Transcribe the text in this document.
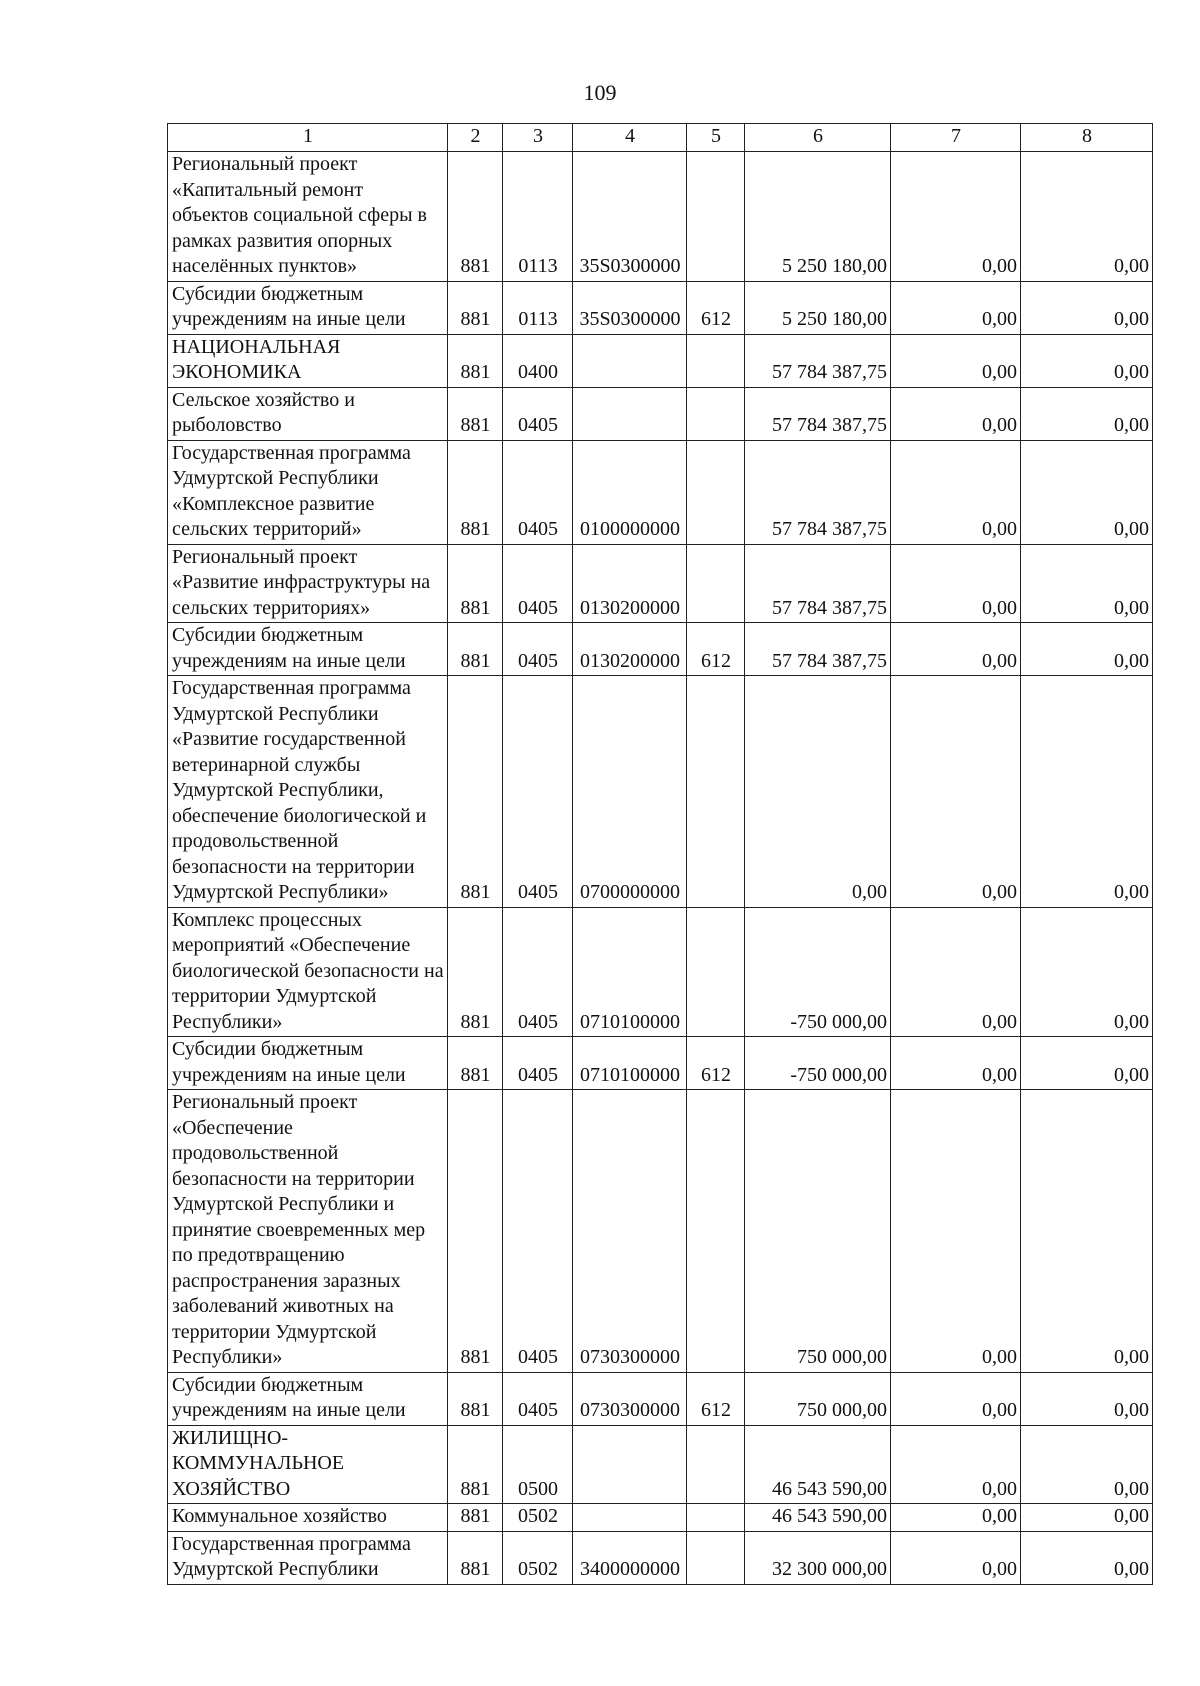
109
1	2	3	4	5	6	7	8
Региональный проект «Капитальный ремонт объектов социальной сферы в рамках развития опорных населённых пунктов»	881	0113	35S0300000		5 250 180,00	0,00	0,00
Субсидии бюджетным учреждениям на иные цели	881	0113	35S0300000	612	5 250 180,00	0,00	0,00
НАЦИОНАЛЬНАЯ ЭКОНОМИКА	881	0400			57 784 387,75	0,00	0,00
Сельское хозяйство и рыболовство	881	0405			57 784 387,75	0,00	0,00
Государственная программа Удмуртской Республики «Комплексное развитие сельских территорий»	881	0405	0100000000		57 784 387,75	0,00	0,00
Региональный проект «Развитие инфраструктуры на сельских территориях»	881	0405	0130200000		57 784 387,75	0,00	0,00
Субсидии бюджетным учреждениям на иные цели	881	0405	0130200000	612	57 784 387,75	0,00	0,00
Государственная программа Удмуртской Республики «Развитие государственной ветеринарной службы Удмуртской Республики, обеспечение биологической и продовольственной безопасности на территории Удмуртской Республики»	881	0405	0700000000		0,00	0,00	0,00
Комплекс процессных мероприятий «Обеспечение биологической безопасности на территории Удмуртской Республики»	881	0405	0710100000		-750 000,00	0,00	0,00
Субсидии бюджетным учреждениям на иные цели	881	0405	0710100000	612	-750 000,00	0,00	0,00
Региональный проект «Обеспечение продовольственной безопасности на территории Удмуртской Республики и принятие своевременных мер по предотвращению распространения заразных заболеваний животных на территории Удмуртской Республики»	881	0405	0730300000		750 000,00	0,00	0,00
Субсидии бюджетным учреждениям на иные цели	881	0405	0730300000	612	750 000,00	0,00	0,00
ЖИЛИЩНО-КОММУНАЛЬНОЕ ХОЗЯЙСТВО	881	0500			46 543 590,00	0,00	0,00
Коммунальное хозяйство	881	0502			46 543 590,00	0,00	0,00
Государственная программа Удмуртской Республики	881	0502	3400000000		32 300 000,00	0,00	0,00
